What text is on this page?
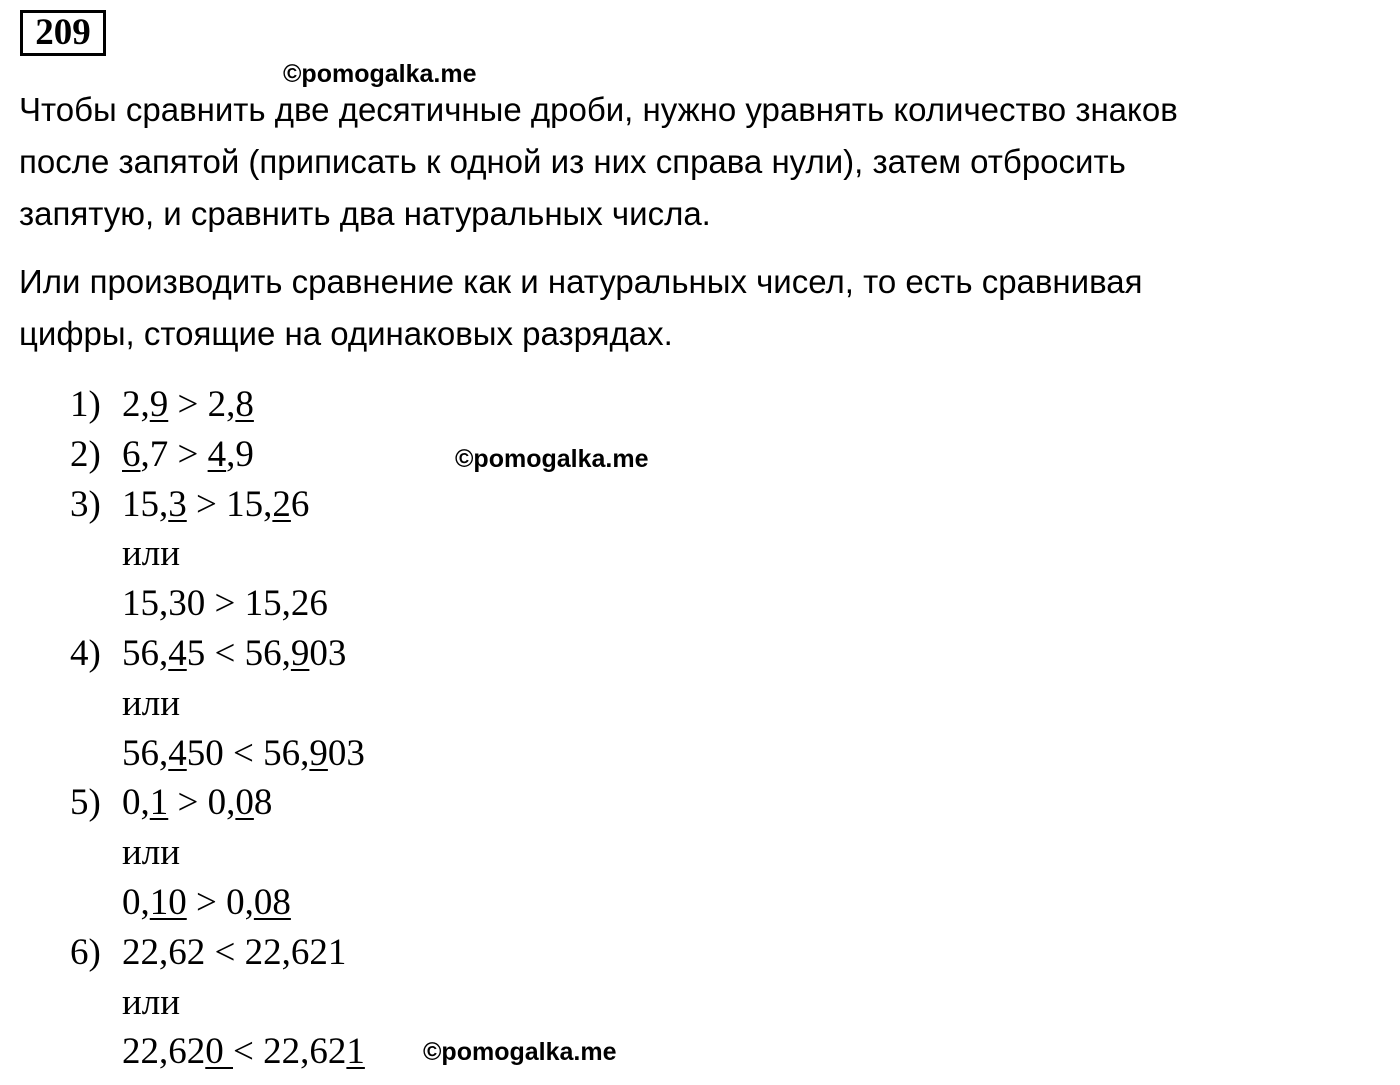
209
©pomogalka.me
©pomogalka.me
©pomogalka.me

Чтобы сравнить две десятичные дроби, нужно уравнять количество знаков
после запятой (приписать к одной из них справа нули), затем отбросить
запятую, и сравнить два натуральных числа.

Или производить сравнение как и натуральных чисел, то есть сравнивая
цифры, стоящие на одинаковых разрядах.

1) 2,9 > 2,8
2) 6,7 > 4,9
3) 15,3 > 15,26
или
15,30 > 15,26
4) 56,45 < 56,903
или
56,450 < 56,903
5) 0,1 > 0,08
или
0,10 > 0,08
6) 22,62 < 22,621
или
22,620 < 22,621
